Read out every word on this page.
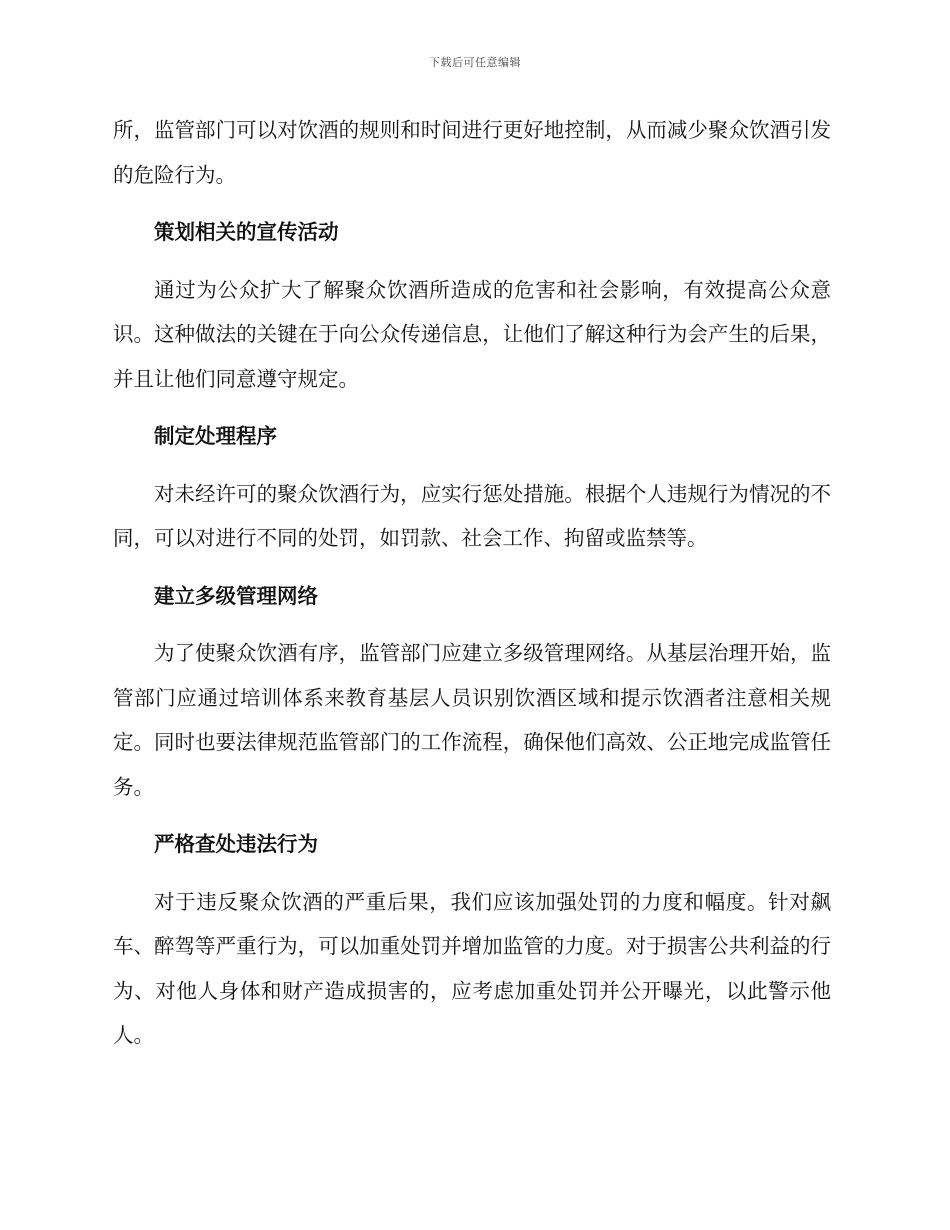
下载后可任意编辑

所，监管部门可以对饮酒的规则和时间进行更好地控制，从而减少聚众饮酒引发的危险行为。

策划相关的宣传活动

通过为公众扩大了解聚众饮酒所造成的危害和社会影响，有效提高公众意识。这种做法的关键在于向公众传递信息，让他们了解这种行为会产生的后果，并且让他们同意遵守规定。

制定处理程序

对未经许可的聚众饮酒行为，应实行惩处措施。根据个人违规行为情况的不同，可以对进行不同的处罚，如罚款、社会工作、拘留或监禁等。

建立多级管理网络

为了使聚众饮酒有序，监管部门应建立多级管理网络。从基层治理开始，监管部门应通过培训体系来教育基层人员识别饮酒区域和提示饮酒者注意相关规定。同时也要法律规范监管部门的工作流程，确保他们高效、公正地完成监管任务。

严格查处违法行为

对于违反聚众饮酒的严重后果，我们应该加强处罚的力度和幅度。针对飙车、醉驾等严重行为，可以加重处罚并增加监管的力度。对于损害公共利益的行为、对他人身体和财产造成损害的，应考虑加重处罚并公开曝光，以此警示他人。
